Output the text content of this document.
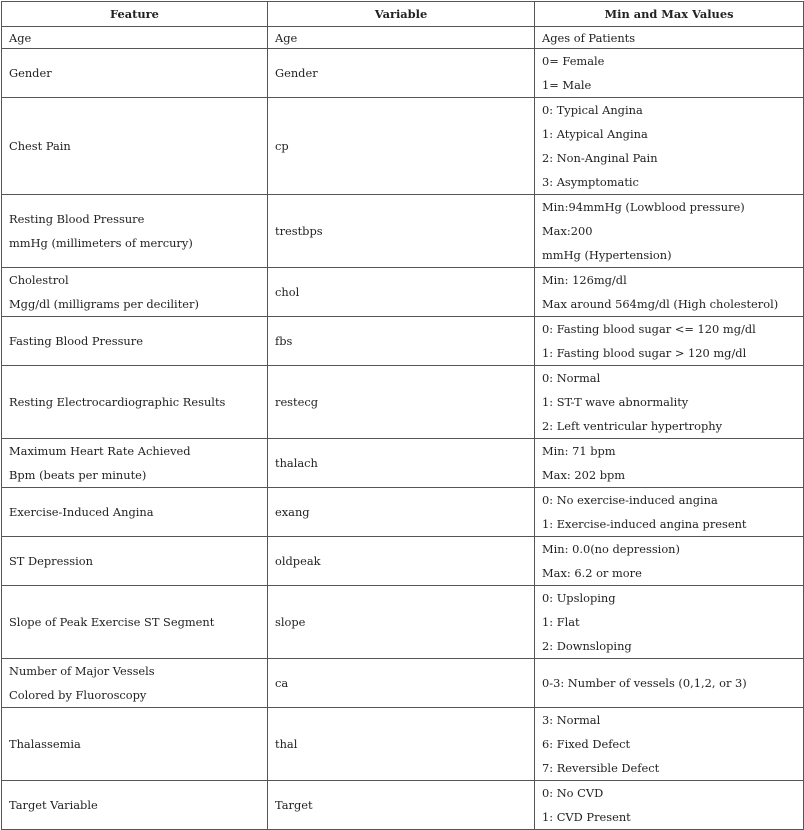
Feature	Variable	Min and Max Values

Age	Age	Ages of Patients

Gender	Gender	0= Female
1= Male

Chest Pain	cp	0: Typical Angina
1: Atypical Angina
2: Non-Anginal Pain
3: Asymptomatic

Resting Blood Pressure
mmHg (millimeters of mercury)	trestbps	Min:94mmHg (Lowblood pressure)
Max:200
mmHg (Hypertension)

Cholestrol
Mgg/dl (milligrams per deciliter)	chol	Min: 126mg/dl
Max around 564mg/dl (High cholesterol)

Fasting Blood Pressure	fbs	0: Fasting blood sugar <= 120 mg/dl
1: Fasting blood sugar > 120 mg/dl

Resting Electrocardiographic Results	restecg	0: Normal
1: ST-T wave abnormality
2: Left ventricular hypertrophy

Maximum Heart Rate Achieved
Bpm (beats per minute)	thalach	Min: 71 bpm
Max: 202 bpm

Exercise-Induced Angina	exang	0: No exercise-induced angina
1: Exercise-induced angina present

ST Depression	oldpeak	Min: 0.0(no depression)
Max: 6.2 or more

Slope of Peak Exercise ST Segment	slope	0: Upsloping
1: Flat
2: Downsloping

Number of Major Vessels
Colored by Fluoroscopy	ca	0-3: Number of vessels (0,1,2, or 3)

Thalassemia	thal	3: Normal
6: Fixed Defect
7: Reversible Defect

Target Variable	Target	0: No CVD
1: CVD Present
